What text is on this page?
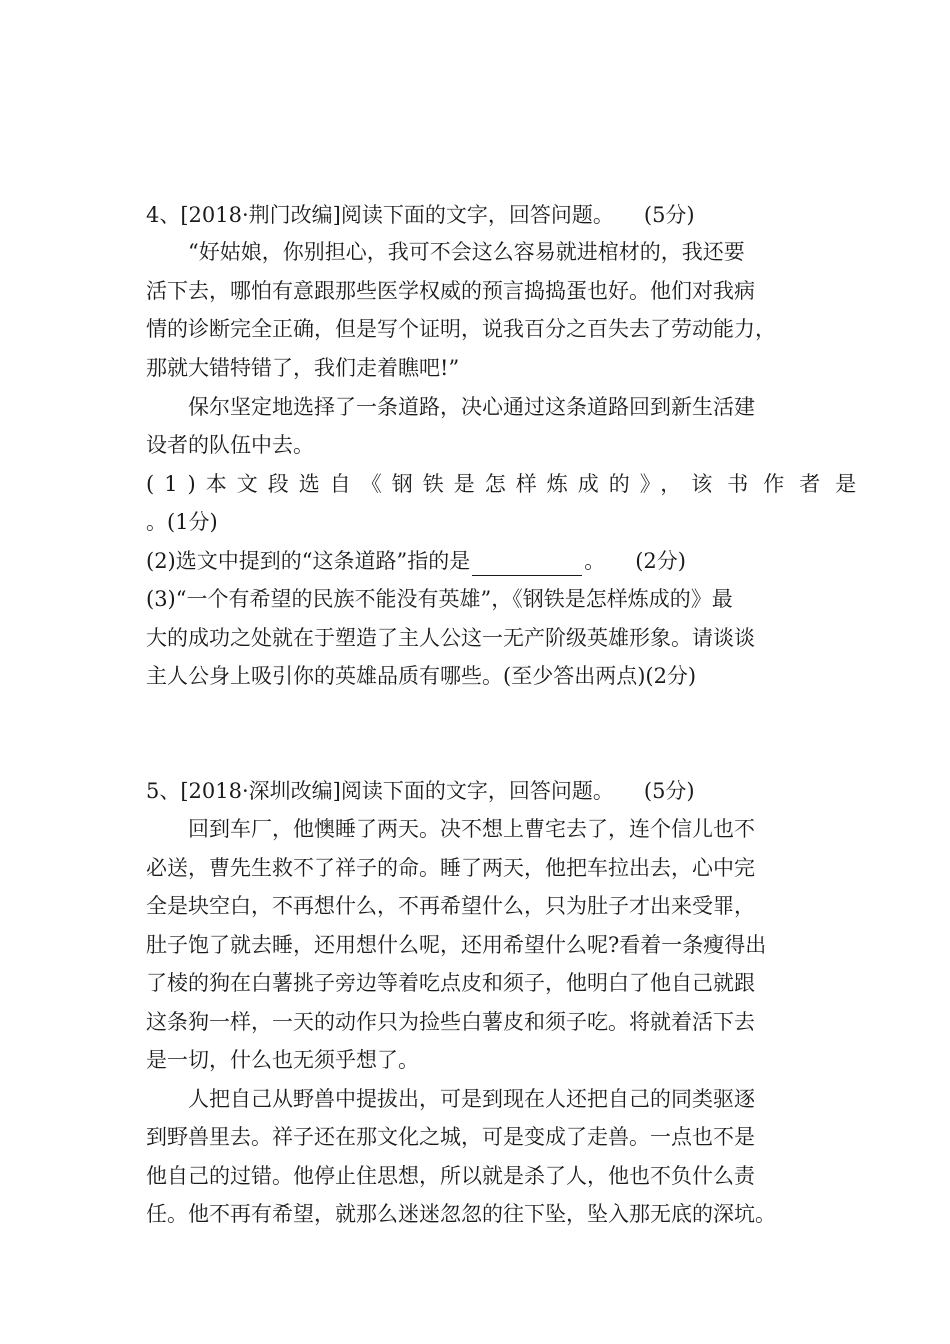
4、[2018·荆门改编]阅读下面的文字，回答问题。 (5分)
“好姑娘，你别担心，我可不会这么容易就进棺材的，我还要
活下去，哪怕有意跟那些医学权威的预言捣捣蛋也好。他们对我病
情的诊断完全正确，但是写个证明，说我百分之百失去了劳动能力，
那就大错特错了，我们走着瞧吧!”
保尔坚定地选择了一条道路，决心通过这条道路回到新生活建
设者的队伍中去。
(1)本文段选自《钢铁是怎样炼成的》，该书作者是
。(1分)
(2)选文中提到的“这条道路”指的是	。 (2分)
(3)“一个有希望的民族不能没有英雄”，《钢铁是怎样炼成的》最
大的成功之处就在于塑造了主人公这一无产阶级英雄形象。请谈谈
主人公身上吸引你的英雄品质有哪些。(至少答出两点)(2分)
5、[2018·深圳改编]阅读下面的文字，回答问题。 (5分)
回到车厂，他懊睡了两天。决不想上曹宅去了，连个信儿也不
必送，曹先生救不了祥子的命。睡了两天，他把车拉出去，心中完
全是块空白，不再想什么，不再希望什么，只为肚子才出来受罪，
肚子饱了就去睡，还用想什么呢，还用希望什么呢?看着一条瘦得出
了棱的狗在白薯挑子旁边等着吃点皮和须子，他明白了他自己就跟
这条狗一样，一天的动作只为捡些白薯皮和须子吃。将就着活下去
是一切，什么也无须乎想了。
人把自己从野兽中提拔出，可是到现在人还把自己的同类驱逐
到野兽里去。祥子还在那文化之城，可是变成了走兽。一点也不是
他自己的过错。他停止住思想，所以就是杀了人，他也不负什么责
任。他不再有希望，就那么迷迷忽忽的往下坠，坠入那无底的深坑。
